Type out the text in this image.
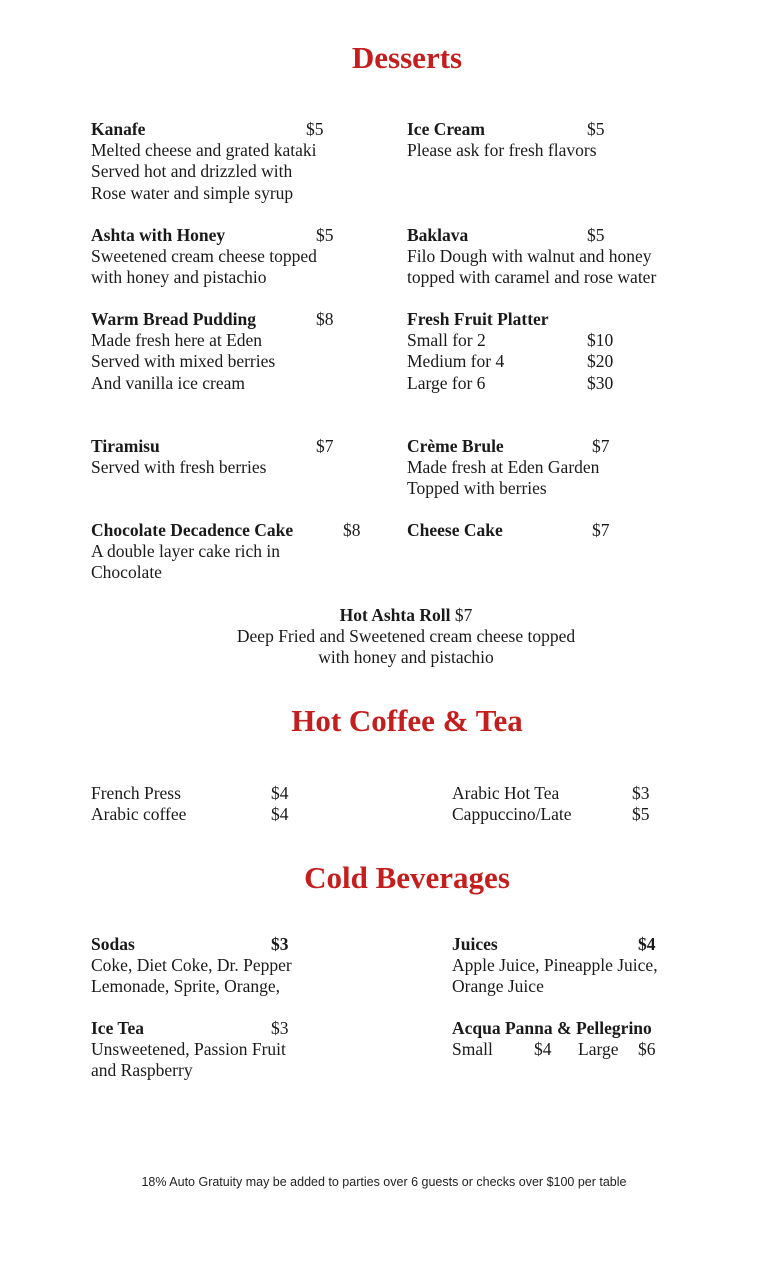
Desserts
Kanafe	$5
Melted cheese and grated kataki
Served hot and drizzled with
Rose water and simple syrup
Ice Cream	$5
Please ask for fresh flavors
Ashta with Honey	$5
Sweetened cream cheese topped
with honey and pistachio
Baklava	$5
Filo Dough with walnut and honey
topped with caramel and rose water
Warm Bread Pudding	$8
Made fresh here at Eden
Served with mixed berries
And vanilla ice cream
Fresh Fruit Platter
Small for 2	$10
Medium for 4	$20
Large for 6	$30
Tiramisu	$7
Served with fresh berries
Crème Brule	$7
Made fresh at Eden Garden
Topped with berries
Chocolate Decadence Cake	$8
A double layer cake rich in
Chocolate
Cheese Cake	$7
Hot Ashta Roll $7
Deep Fried and Sweetened cream cheese topped
with honey and pistachio
Hot Coffee & Tea
French Press	$4
Arabic coffee	$4
Arabic Hot Tea	$3
Cappuccino/Late	$5
Cold Beverages
Sodas	$3
Coke, Diet Coke, Dr. Pepper
Lemonade, Sprite, Orange,
Juices	$4
Apple Juice, Pineapple Juice,
Orange Juice
Ice Tea	$3
Unsweetened, Passion Fruit
and Raspberry
Acqua Panna & Pellegrino
Small $4 Large $6
18% Auto Gratuity may be added to parties over 6 guests or checks over $100 per table
